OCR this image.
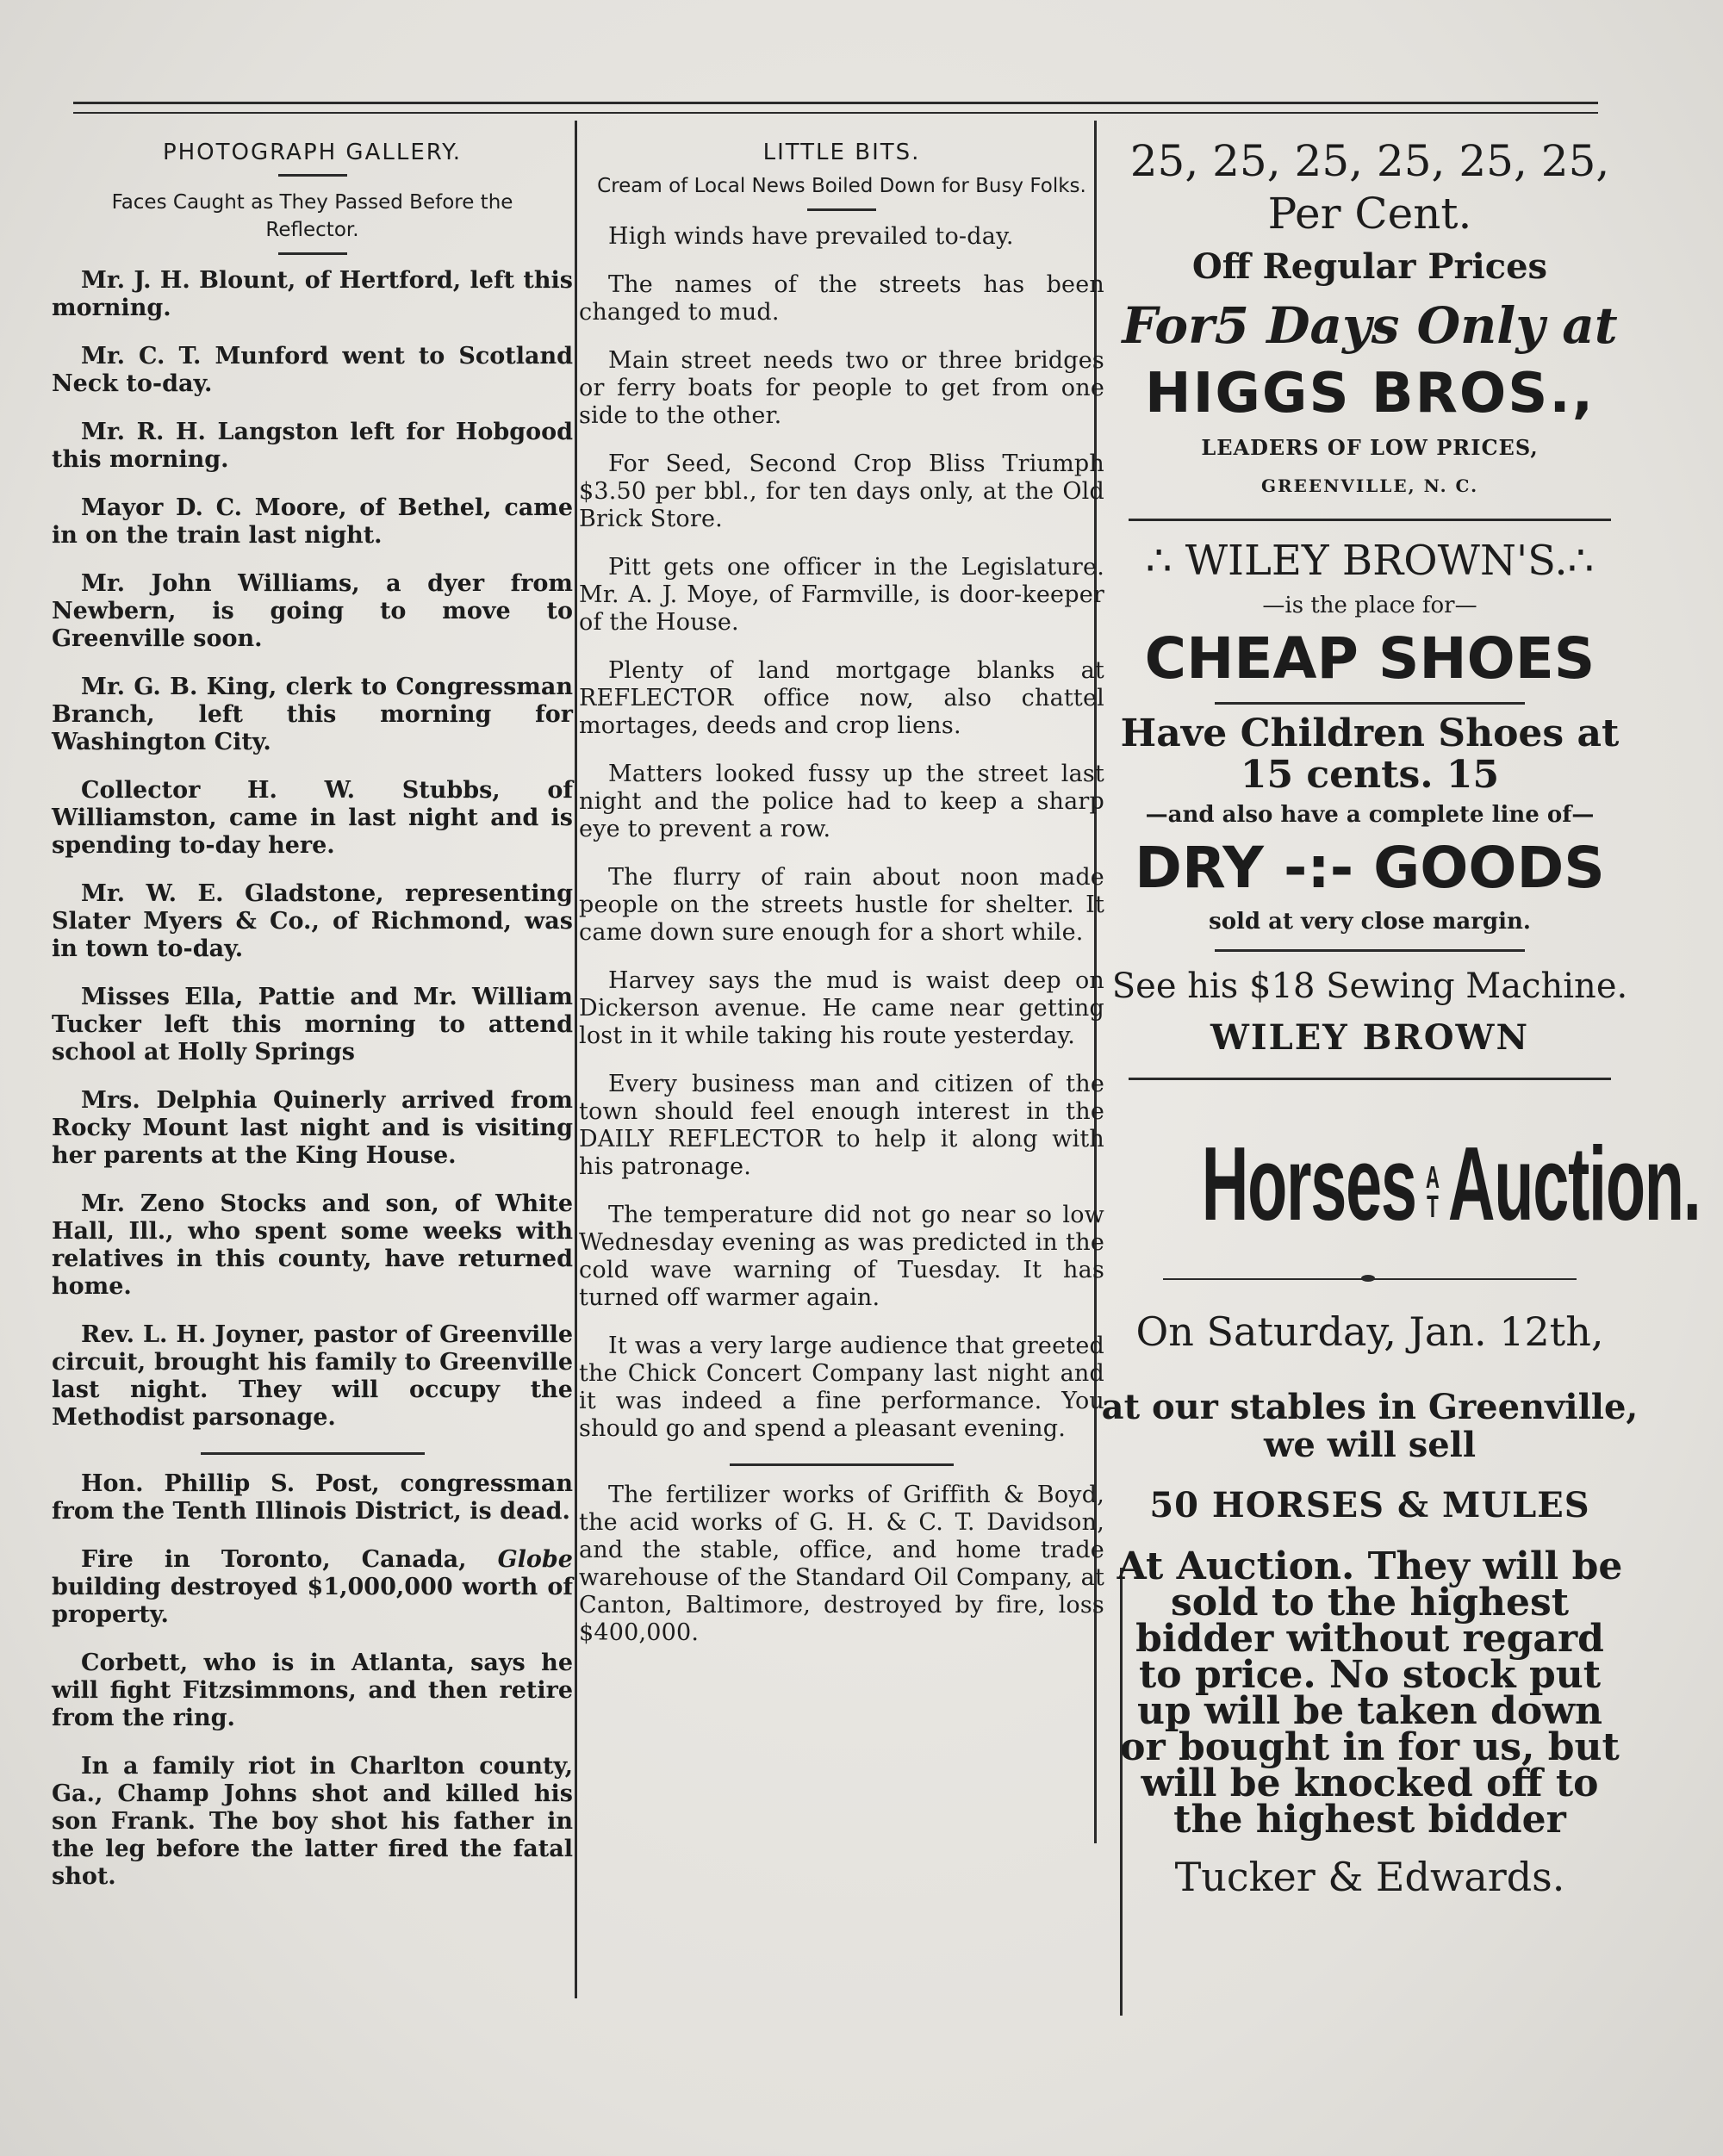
PHOTOGRAPH GALLERY.
Faces Caught as They Passed Before the Reflector.

Mr. J. H. Blount, of Hertford, left this morning.

Mr. C. T. Munford went to Scotland Neck to-day.

Mr. R. H. Langston left for Hobgood this morning.

Mayor D. C. Moore, of Bethel, came in on the train last night.

Mr. John Williams, a dyer from Newbern, is going to move to Greenville soon.

Mr. G. B. King, clerk to Congressman Branch, left this morning for Washington City.

Collector H. W. Stubbs, of Williamston, came in last night and is spending to-day here.

Mr. W. E. Gladstone, representing Slater Myers & Co., of Richmond, was in town to-day.

Misses Ella, Pattie and Mr. William Tucker left this morning to attend school at Holly Springs

Mrs. Delphia Quinerly arrived from Rocky Mount last night and is visiting her parents at the King House.

Mr. Zeno Stocks and son, of White Hall, Ill., who spent some weeks with relatives in this county, have returned home.

Rev. L. H. Joyner, pastor of Greenville circuit, brought his family to Greenville last night. They will occupy the Methodist parsonage.

Hon. Phillip S. Post, congressman from the Tenth Illinois District, is dead.

Fire in Toronto, Canada, Globe building destroyed $1,000,000 worth of property.

Corbett, who is in Atlanta, says he will fight Fitzsimmons, and then retire from the ring.

In a family riot in Charlton county, Ga., Champ Johns shot and killed his son Frank. The boy shot his father in the leg before the latter fired the fatal shot.

LITTLE BITS.
Cream of Local News Boiled Down for Busy Folks.

High winds have prevailed to-day.

The names of the streets has been changed to mud.

Main street needs two or three bridges or ferry boats for people to get from one side to the other.

For Seed, Second Crop Bliss Triumph $3.50 per bbl., for ten days only, at the Old Brick Store.

Pitt gets one officer in the Legislature. Mr. A. J. Moye, of Farmville, is door-keeper of the House.

Plenty of land mortgage blanks at REFLECTOR office now, also chattel mortages, deeds and crop liens.

Matters looked fussy up the street last night and the police had to keep a sharp eye to prevent a row.

The flurry of rain about noon made people on the streets hustle for shelter. It came down sure enough for a short while.

Harvey says the mud is waist deep on Dickerson avenue. He came near getting lost in it while taking his route yesterday.

Every business man and citizen of the town should feel enough interest in the DAILY REFLECTOR to help it along with his patronage.

The temperature did not go near so low Wednesday evening as was predicted in the cold wave warning of Tuesday. It has turned off warmer again.

It was a very large audience that greeted the Chick Concert Company last night and it was indeed a fine performance. You should go and spend a pleasant evening.

The fertilizer works of Griffith & Boyd, the acid works of G. H. & C. T. Davidson, and the stable, office, and home trade warehouse of the Standard Oil Company, at Canton, Baltimore, destroyed by fire, loss $400,000.

25, 25, 25, 25, 25, 25,
Per Cent.
Off Regular Prices
For5 Days Only at
HIGGS BROS.,
LEADERS OF LOW PRICES,
GREENVILLE, N. C.
∴ WILEY BROWN'S.∴
—is the place for—
CHEAP SHOES
Have Children Shoes at 15 cents. 15
—and also have a complete line of—
DRY -:- GOODS
sold at very close margin.
See his $18 Sewing Machine.
WILEY BROWN
Horses A
T Auction.
On Saturday, Jan. 12th,
at our stables in Greenville, we will sell
50 HORSES & MULES
At Auction. They will be sold to the highest bidder without regard to price. No stock put up will be taken down or bought in for us, but will be knocked off to the highest bidder
Tucker & Edwards.
